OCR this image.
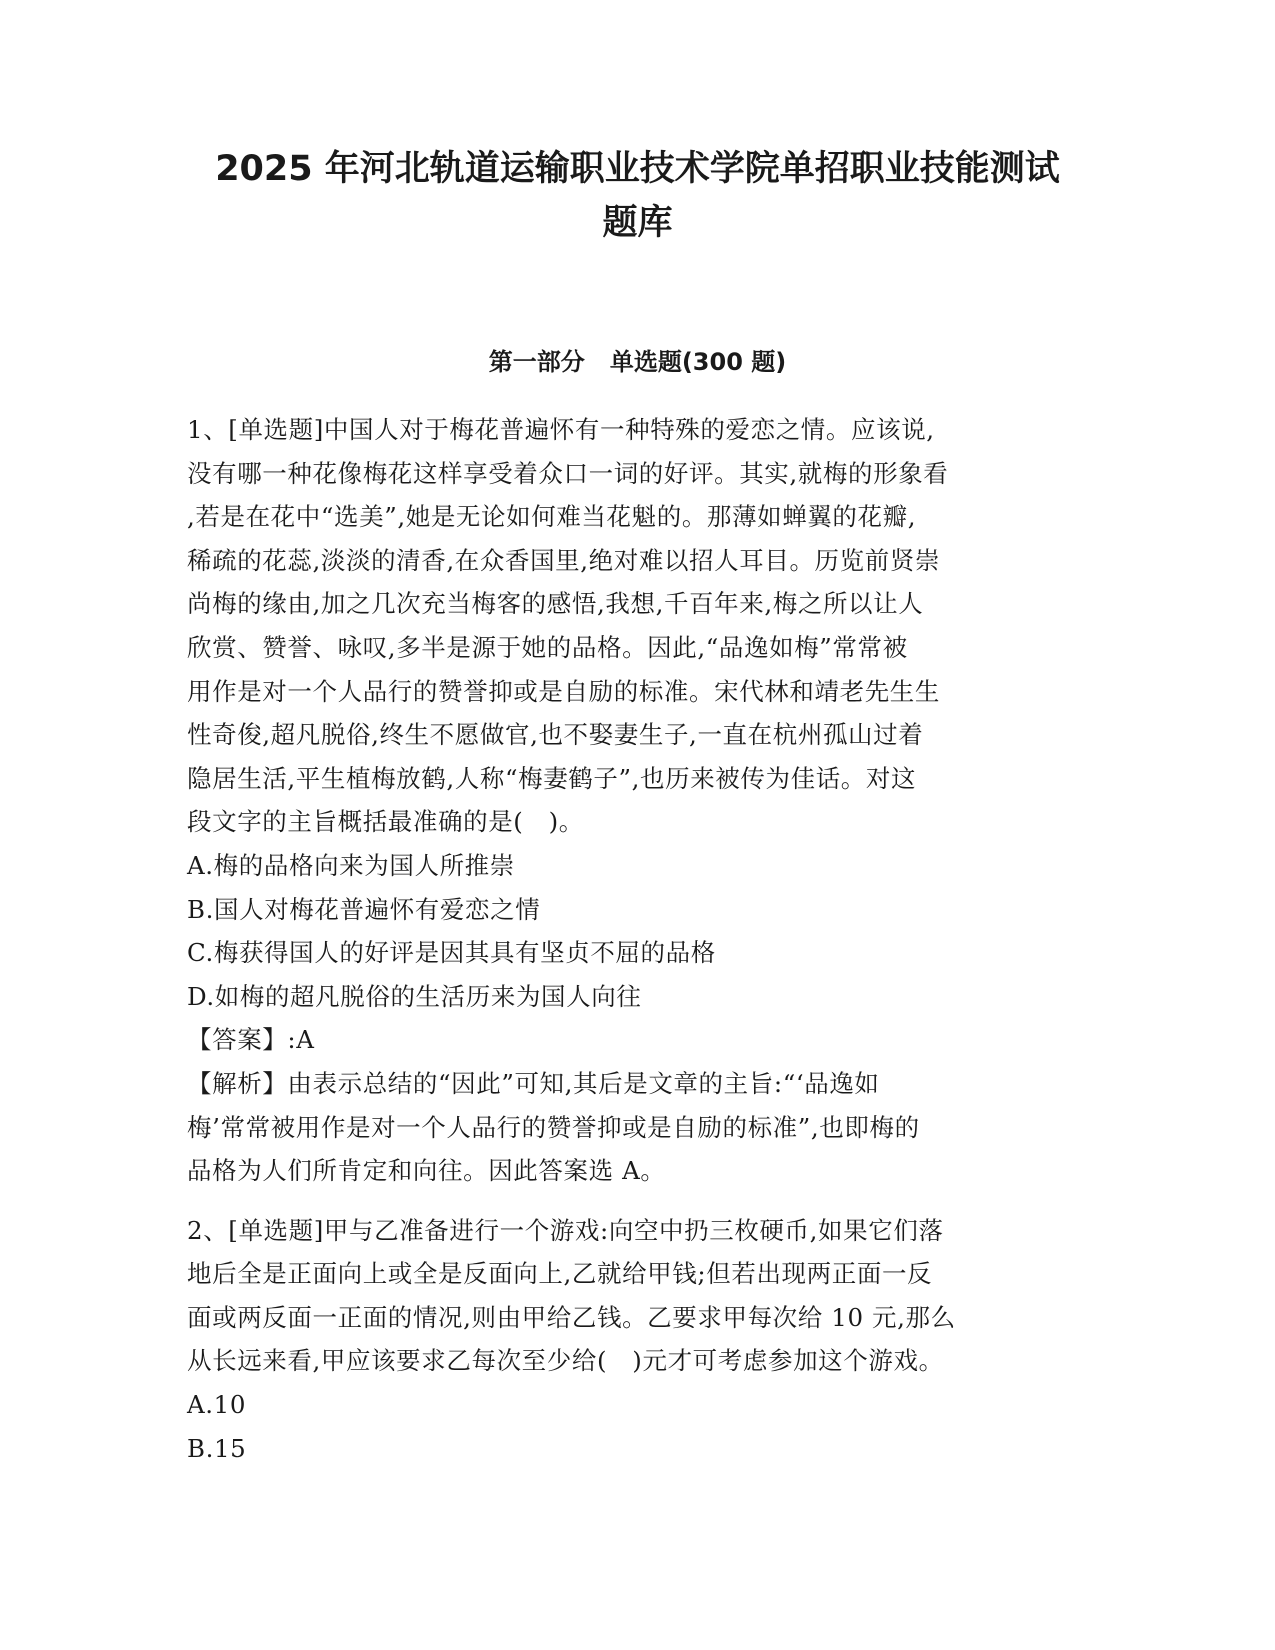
2025 年河北轨道运输职业技术学院单招职业技能测试
题库
第一部分   单选题(300 题)
1、[单选题]中国人对于梅花普遍怀有一种特殊的爱恋之情。应该说,
没有哪一种花像梅花这样享受着众口一词的好评。其实,就梅的形象看
,若是在花中“选美”,她是无论如何难当花魁的。那薄如蝉翼的花瓣,
稀疏的花蕊,淡淡的清香,在众香国里,绝对难以招人耳目。历览前贤崇
尚梅的缘由,加之几次充当梅客的感悟,我想,千百年来,梅之所以让人
欣赏、赞誉、咏叹,多半是源于她的品格。因此,“品逸如梅”常常被
用作是对一个人品行的赞誉抑或是自励的标准。宋代林和靖老先生生
性奇俊,超凡脱俗,终生不愿做官,也不娶妻生子,一直在杭州孤山过着
隐居生活,平生植梅放鹤,人称“梅妻鹤子”,也历来被传为佳话。对这
段文字的主旨概括最准确的是(   )。
A.梅的品格向来为国人所推崇
B.国人对梅花普遍怀有爱恋之情
C.梅获得国人的好评是因其具有坚贞不屈的品格
D.如梅的超凡脱俗的生活历来为国人向往
【答案】:A
【解析】由表示总结的“因此”可知,其后是文章的主旨:“‘品逸如
梅’常常被用作是对一个人品行的赞誉抑或是自励的标准”,也即梅的
品格为人们所肯定和向往。因此答案选 A。
2、[单选题]甲与乙准备进行一个游戏:向空中扔三枚硬币,如果它们落
地后全是正面向上或全是反面向上,乙就给甲钱;但若出现两正面一反
面或两反面一正面的情况,则由甲给乙钱。乙要求甲每次给 10 元,那么
从长远来看,甲应该要求乙每次至少给(   )元才可考虑参加这个游戏。
A.10
B.15
